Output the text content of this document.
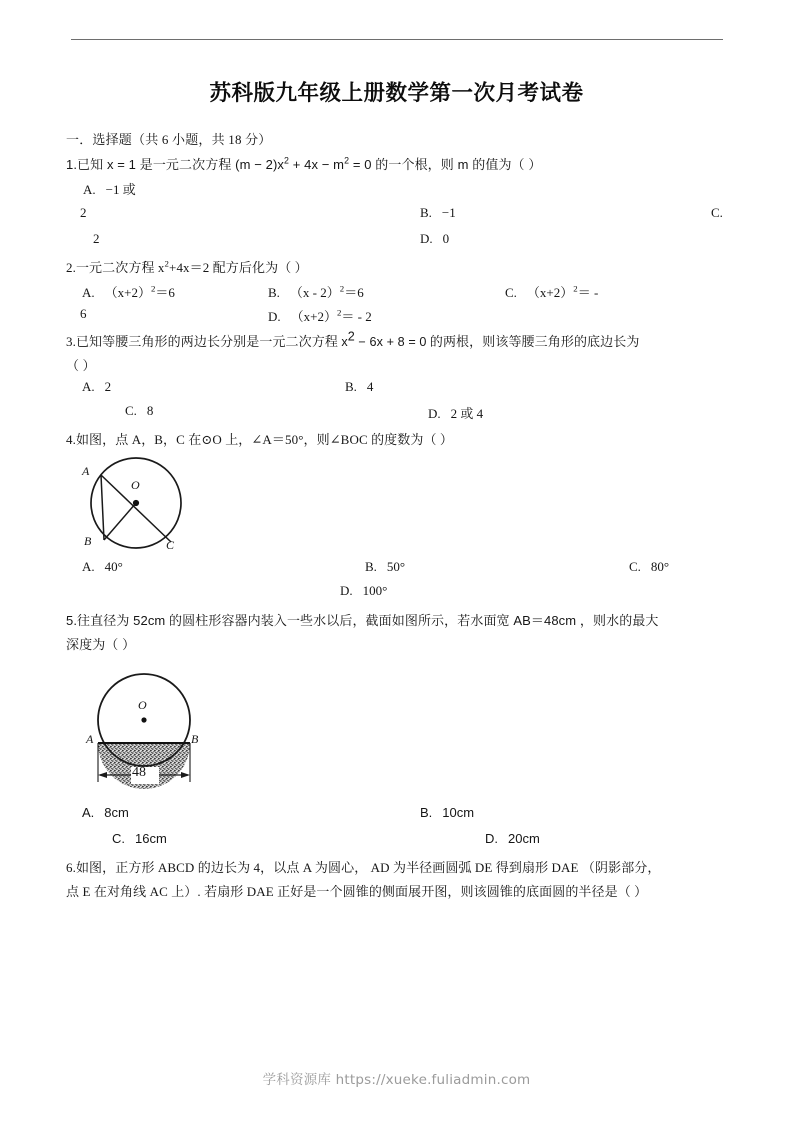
苏科版九年级上册数学第一次月考试卷
一．选择题（共 6 小题，共 18 分）
1.已知 x = 1 是一元二次方程 $(m - 2)x^2 + 4x - m^2 = 0$ 的一个根，则 m 的值为（ ）
A. −1 或
2	B. −1	C.
2	D. 0
2.一元二次方程 $x^2+4x=2$ 配方后化为（ ）
A. $(x+2)^2=6$	B. （x - 2）$^2$＝6	C. $(x+2)^2=$ -
6	D. $(x+2)^2= - 2$
3.已知等腰三角形的两边长分别是一元二次方程 $x^2 - 6x + 8 = 0$ 的两根，则该等腰三角形的底边长为
（ ）
A. 2	B. 4
C. 8	D. 2 或 4
4.如图，点 A，B，C 在⊙O 上，∠A＝50°，则∠BOC 的度数为（ ）
A
B	C
O
A. 40°	B. 50°	C. 80°
D. 100°
5.往直径为 52cm 的圆柱形容器内装入一些水以后，截面如图所示，若水面宽 AB＝48cm ，则水的最大
深度为（ ）
A	B
O
48
A. 8cm	B. 10cm
C. 16cm	D. 20cm
6.如图，正方形 ABCD 的边长为 4，以点 A 为圆心， AD 为半径画圆弧 DE 得到扇形 DAE （阴影部分，
点 E 在对角线 AC 上）. 若扇形 DAE 正好是一个圆锥的侧面展开图，则该圆锥的底面圆的半径是（ ）
学科资源库 https://xueke.fuliadmin.com
